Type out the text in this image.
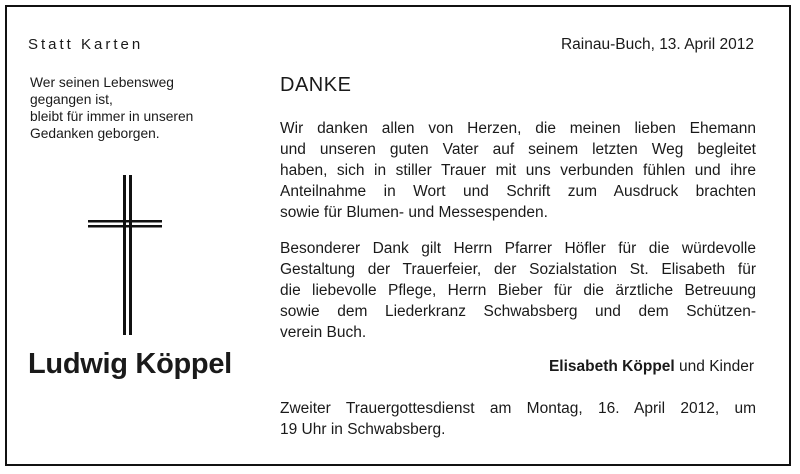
Statt Karten	Rainau-Buch, 13. April 2012
Wer seinen Lebensweg
gegangen ist,
bleibt für immer in unseren
Gedanken geborgen.
Ludwig Köppel
DANKE
Wir danken allen von Herzen, die meinen lieben Ehemann
und unseren guten Vater auf seinem letzten Weg begleitet
haben, sich in stiller Trauer mit uns verbunden fühlen und ihre
Anteilnahme in Wort und Schrift zum Ausdruck brachten
sowie für Blumen- und Messespenden.
Besonderer Dank gilt Herrn Pfarrer Höfler für die würdevolle
Gestaltung der Trauerfeier, der Sozialstation St. Elisabeth für
die liebevolle Pflege, Herrn Bieber für die ärztliche Betreuung
sowie dem Liederkranz Schwabsberg und dem Schützen-
verein Buch.
Elisabeth Köppel und Kinder
Zweiter Trauergottesdienst am Montag, 16. April 2012, um
19 Uhr in Schwabsberg.
